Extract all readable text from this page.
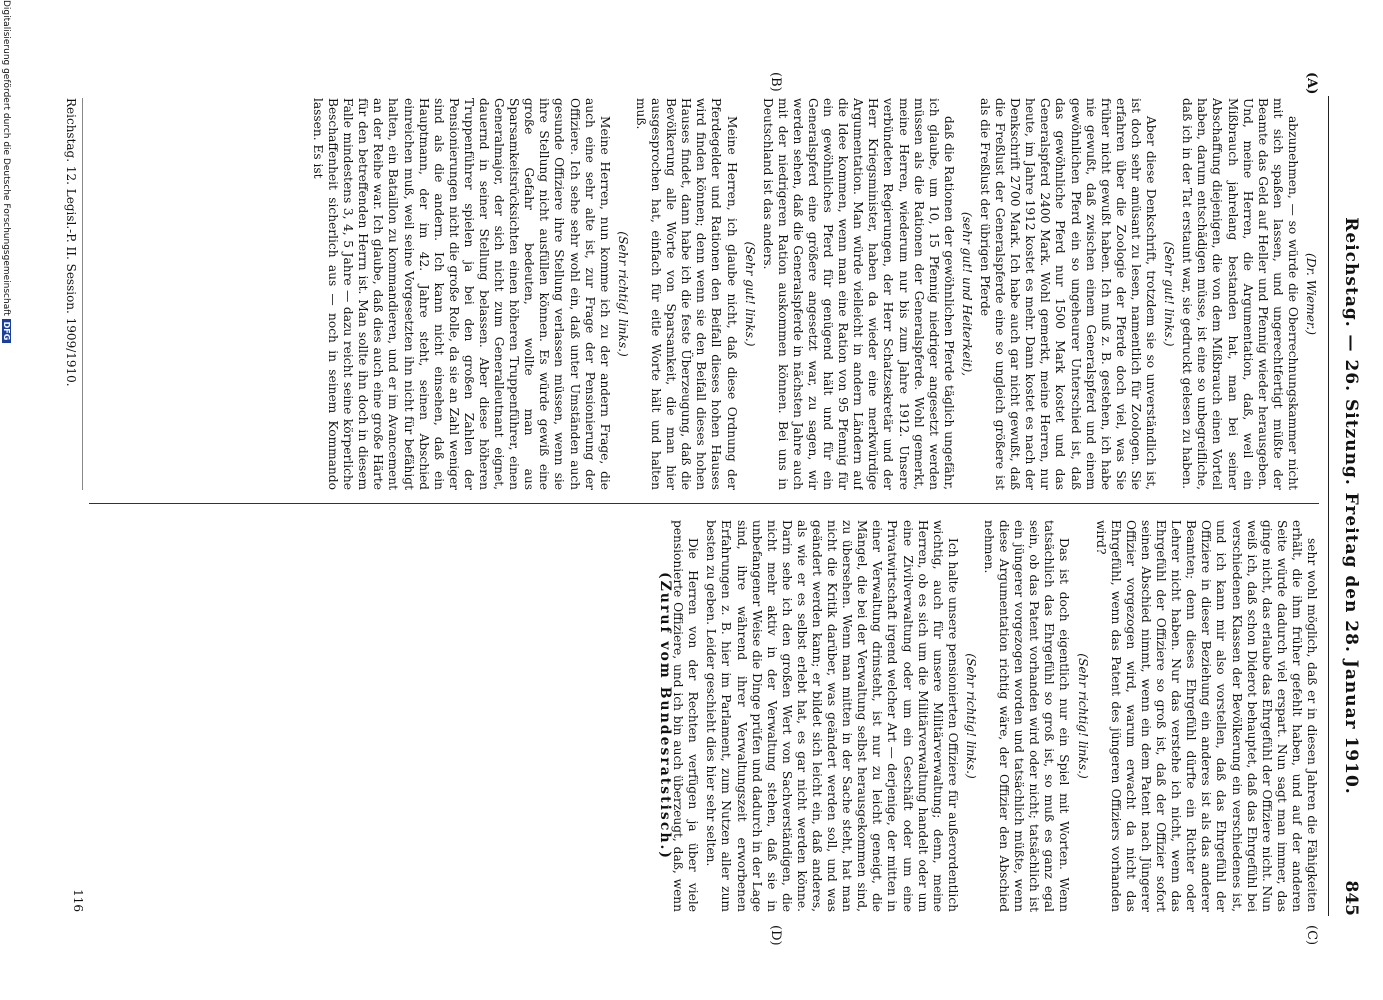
Reichstag. — 26. Sitzung. Freitag den 28. Januar 1910.
845
(A)
(B)
(C)
(D)

(Dr. Wiemer.)

abzunehmen, — so würde die Oberrechnungskammer nicht mit sich spaßen lassen, und ungerechtfertigt müßte der Beamte das Geld auf Heller und Pfennig wieder herausgeben. Und, meine Herren, die Argumentation, daß, weil ein Mißbrauch jahrelang bestanden hat, man bei seiner Abschaffung diejenigen, die von dem Mißbrauch einen Vorteil haben, darum entschädigen müsse, ist eine so unbegreifliche, daß ich in der Tat erstaunt war, sie gedruckt gelesen zu haben.

(Sehr gut! links.)

Aber diese Denkschrift, trotzdem sie so unverständlich ist, ist doch sehr amüsant zu lesen, namentlich für Zoologen. Sie erfahren über die Zoologie der Pferde doch viel, was Sie früher nicht gewußt haben. Ich muß z. B. gestehen, ich habe nie gewußt, daß zwischen einem Generalspferd und einem gewöhnlichen Pferd ein so ungeheurer Unterschied ist, daß das gewöhnliche Pferd nur 1500 Mark kostet und das Generalspferd 2400 Mark. Wohl gemerkt, meine Herren, nur heute, im Jahre 1912 kostet es mehr. Dann kostet es nach der Denkschrift 2700 Mark. Ich habe auch gar nicht gewußt, daß die Freßlust der Generalspferde eine so ungleich größere ist als die Freßlust der übrigen Pferde

(sehr gut! und Heiterkeit),

daß die Rationen der gewöhnlichen Pferde täglich ungefähr, ich glaube, um 10, 15 Pfennig niedriger angesetzt werden müssen als die Rationen der Generalspferde. Wohl gemerkt, meine Herren, wiederum nur bis zum Jahre 1912. Unsere verbündeten Regierungen, der Herr Schatzsekretär und der Herr Kriegsminister, haben da wieder eine merkwürdige Argumentation. Man würde vielleicht in andern Ländern auf die Idee kommen, wenn man eine Ration von 95 Pfennig für ein gewöhnliches Pferd für genügend hält und für ein Generalspferd eine größere angesetzt war, zu sagen, wir werden sehen, daß die Generalspferde in nächsten Jahre auch mit der niedrigeren Ration auskommen können. Bei uns in Deutschland ist das anders.

(Sehr gut! links.)

Meine Herren, ich glaube nicht, daß diese Ordnung der Pferdegelder und Rationen den Beifall dieses hohen Hauses wird finden können; denn wenn sie den Beifall dieses hohen Hauses findet, dann habe ich die feste Überzeugung, daß die Bevölkerung alle Worte von Sparsamkeit, die man hier ausgesprochen hat, einfach für eitle Worte hält und halten muß.

(Sehr richtig! links.)

Meine Herren, nun komme ich zu der andern Frage, die auch eine sehr alte ist, zur Frage der Pensionierung der Offiziere. Ich sehe sehr wohl ein, daß unter Umständen auch gesunde Offiziere ihre Stellung verlassen müssen, wenn sie ihre Stellung nicht ausfüllen können. Es würde gewiß eine große Gefahr bedeuten, wollte man aus Sparsamkeitsrücksichten einen höheren Truppenführer, einen Generalmajor, der sich nicht zum Generalleutnant eignet, dauernd in seiner Stellung belassen. Aber diese höheren Truppenführer spielen ja bei den großen Zahlen der Pensionierungen nicht die große Rolle, da sie an Zahl weniger sind als die andern. Ich kann nicht einsehen, daß ein Hauptmann, der im 42. Jahre steht, seinen Abschied einreichen muß, weil seine Vorgesetzten ihn nicht für befähigt halten, ein Bataillon zu kommandieren, und er im Avancement an der Reihe war. Ich glaube, daß dies auch eine große Härte für den betreffenden Herrn ist. Man sollte ihn doch in diesem Falle mindestens 3, 4, 5 Jahre — dazu reicht seine körperliche Beschaffenheit sicherlich aus — noch in seinem Kommando lassen. Es ist

sehr wohl möglich, daß er in diesen Jahren die Fähigkeiten erhält, die ihm früher gefehlt haben, und auf der anderen Seite würde dadurch viel erspart. Nun sagt man immer, das ginge nicht, das erlaube das Ehrgefühl der Offiziere nicht. Nun weiß ich, daß schon Diderot behauptet, daß das Ehrgefühl bei verschiedenen Klassen der Bevölkerung ein verschiedenes ist, und ich kann mir also vorstellen, daß das Ehrgefühl der Offiziere in dieser Beziehung ein anderes ist als das anderer Beamten; denn dieses Ehrgefühl dürfte ein Richter oder Lehrer nicht haben. Nur das verstehe ich nicht, wenn das Ehrgefühl der Offiziere so groß ist, daß der Offizier sofort seinen Abschied nimmt, wenn ein dem Patent nach Jüngerer Offizier vorgezogen wird, warum erwacht da nicht das Ehrgefühl, wenn das Patent des jüngeren Offiziers vorhanden wird?

(Sehr richtig! links.)

Das ist doch eigentlich nur ein Spiel mit Worten. Wenn tatsächlich das Ehrgefühl so groß ist, so muß es ganz egal sein, ob das Patent vorhanden wird oder nicht; tatsächlich ist ein jüngerer vorgezogen worden und tatsächlich müßte, wenn diese Argumentation richtig wäre, der Offizier den Abschied nehmen.

(Sehr richtig! links.)

Ich halte unsere pensionierten Offiziere für außerordentlich wichtig, auch für unsere Militärverwaltung; denn, meine Herren, ob es sich um die Militärverwaltung handelt oder um eine Zivilverwaltung oder um ein Geschäft oder um eine Privatwirtschaft irgend welcher Art — derjenige, der mitten in einer Verwaltung drinsteht, ist nur zu leicht geneigt, die Mängel, die bei der Verwaltung selbst herausgekommen sind, zu übersehen. Wenn man mitten in der Sache steht, hat man nicht die Kritik darüber, was geändert werden soll, und was geändert werden kann; er bildet sich leicht ein, daß anderes, als wie er es selbst erlebt hat, es gar nicht werden könne. Darin sehe ich den großen Wert von Sachverständigen, die nicht mehr aktiv in der Verwaltung stehen, daß sie in unbefangener Weise die Dinge prüfen und dadurch in der Lage sind, ihre während ihrer Verwaltungszeit erworbenen Erfahrungen z. B. hier im Parlament, zum Nutzen aller zum besten zu geben. Leider geschieht dies hier sehr selten.

Die Herren von der Rechten verfügen ja über viele pensionierte Offiziere, und ich bin auch überzeugt, daß, wenn

(Zuruf vom Bundesratstisch.)
Reichstag. 12. Legisl.-P. II. Session. 1909/1910.
116
Digitalisierung gefördert durch die Deutsche Forschungsgemeinschaft DFG
